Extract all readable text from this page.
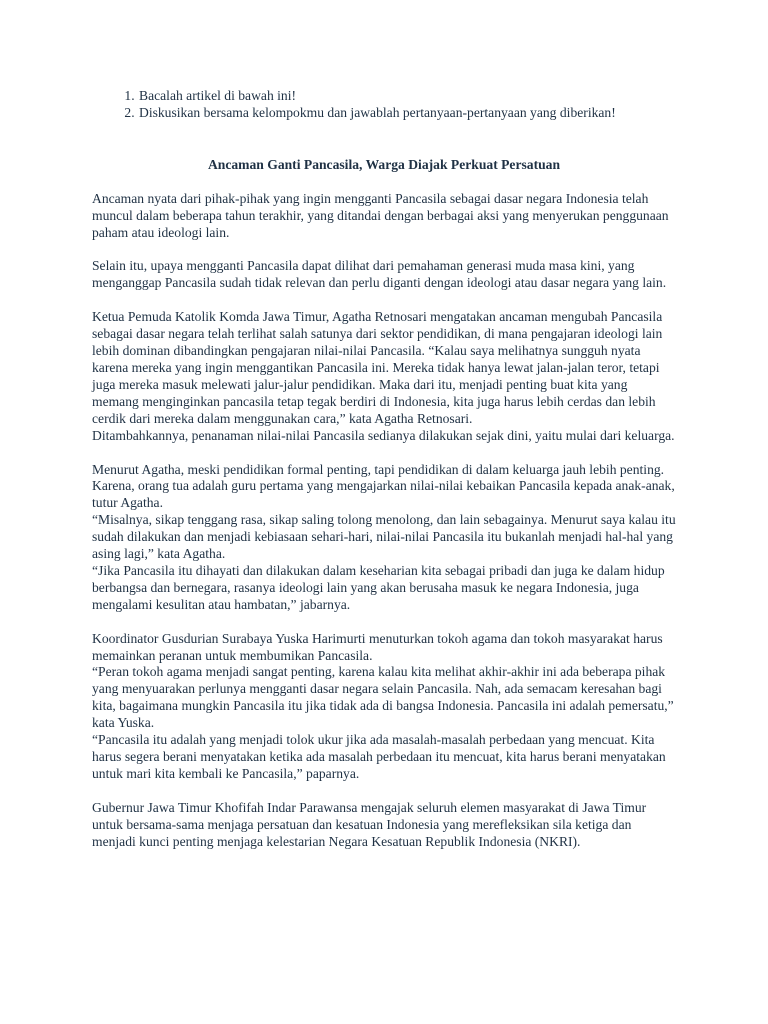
1. Bacalah artikel di bawah ini!
2. Diskusikan bersama kelompokmu dan jawablah pertanyaan-pertanyaan yang diberikan!
Ancaman Ganti Pancasila, Warga Diajak Perkuat Persatuan

Ancaman nyata dari pihak-pihak yang ingin mengganti Pancasila sebagai dasar negara Indonesia telah muncul dalam beberapa tahun terakhir, yang ditandai dengan berbagai aksi yang menyerukan penggunaan paham atau ideologi lain.

Selain itu, upaya mengganti Pancasila dapat dilihat dari pemahaman generasi muda masa kini, yang menganggap Pancasila sudah tidak relevan dan perlu diganti dengan ideologi atau dasar negara yang lain.

Ketua Pemuda Katolik Komda Jawa Timur, Agatha Retnosari mengatakan ancaman mengubah Pancasila sebagai dasar negara telah terlihat salah satunya dari sektor pendidikan, di mana pengajaran ideologi lain lebih dominan dibandingkan pengajaran nilai-nilai Pancasila. “Kalau saya melihatnya sungguh nyata karena mereka yang ingin menggantikan Pancasila ini. Mereka tidak hanya lewat jalan-jalan teror, tetapi juga mereka masuk melewati jalur-jalur pendidikan. Maka dari itu, menjadi penting buat kita yang memang menginginkan pancasila tetap tegak berdiri di Indonesia, kita juga harus lebih cerdas dan lebih cerdik dari mereka dalam menggunakan cara,” kata Agatha Retnosari.
Ditambahkannya, penanaman nilai-nilai Pancasila sedianya dilakukan sejak dini, yaitu mulai dari keluarga.

Menurut Agatha, meski pendidikan formal penting, tapi pendidikan di dalam keluarga jauh lebih penting. Karena, orang tua adalah guru pertama yang mengajarkan nilai-nilai kebaikan Pancasila kepada anak-anak, tutur Agatha.
“Misalnya, sikap tenggang rasa, sikap saling tolong menolong, dan lain sebagainya. Menurut saya kalau itu sudah dilakukan dan menjadi kebiasaan sehari-hari, nilai-nilai Pancasila itu bukanlah menjadi hal-hal yang asing lagi,” kata Agatha.
“Jika Pancasila itu dihayati dan dilakukan dalam keseharian kita sebagai pribadi dan juga ke dalam hidup berbangsa dan bernegara, rasanya ideologi lain yang akan berusaha masuk ke negara Indonesia, juga mengalami kesulitan atau hambatan,” jabarnya.

Koordinator Gusdurian Surabaya Yuska Harimurti menuturkan tokoh agama dan tokoh masyarakat harus memainkan peranan untuk membumikan Pancasila.
“Peran tokoh agama menjadi sangat penting, karena kalau kita melihat akhir-akhir ini ada beberapa pihak yang menyuarakan perlunya mengganti dasar negara selain Pancasila. Nah, ada semacam keresahan bagi kita, bagaimana mungkin Pancasila itu jika tidak ada di bangsa Indonesia. Pancasila ini adalah pemersatu,” kata Yuska.
“Pancasila itu adalah yang menjadi tolok ukur jika ada masalah-masalah perbedaan yang mencuat. Kita harus segera berani menyatakan ketika ada masalah perbedaan itu mencuat, kita harus berani menyatakan untuk mari kita kembali ke Pancasila,” paparnya.

Gubernur Jawa Timur Khofifah Indar Parawansa mengajak seluruh elemen masyarakat di Jawa Timur untuk bersama-sama menjaga persatuan dan kesatuan Indonesia yang merefleksikan sila ketiga dan menjadi kunci penting menjaga kelestarian Negara Kesatuan Republik Indonesia (NKRI).
